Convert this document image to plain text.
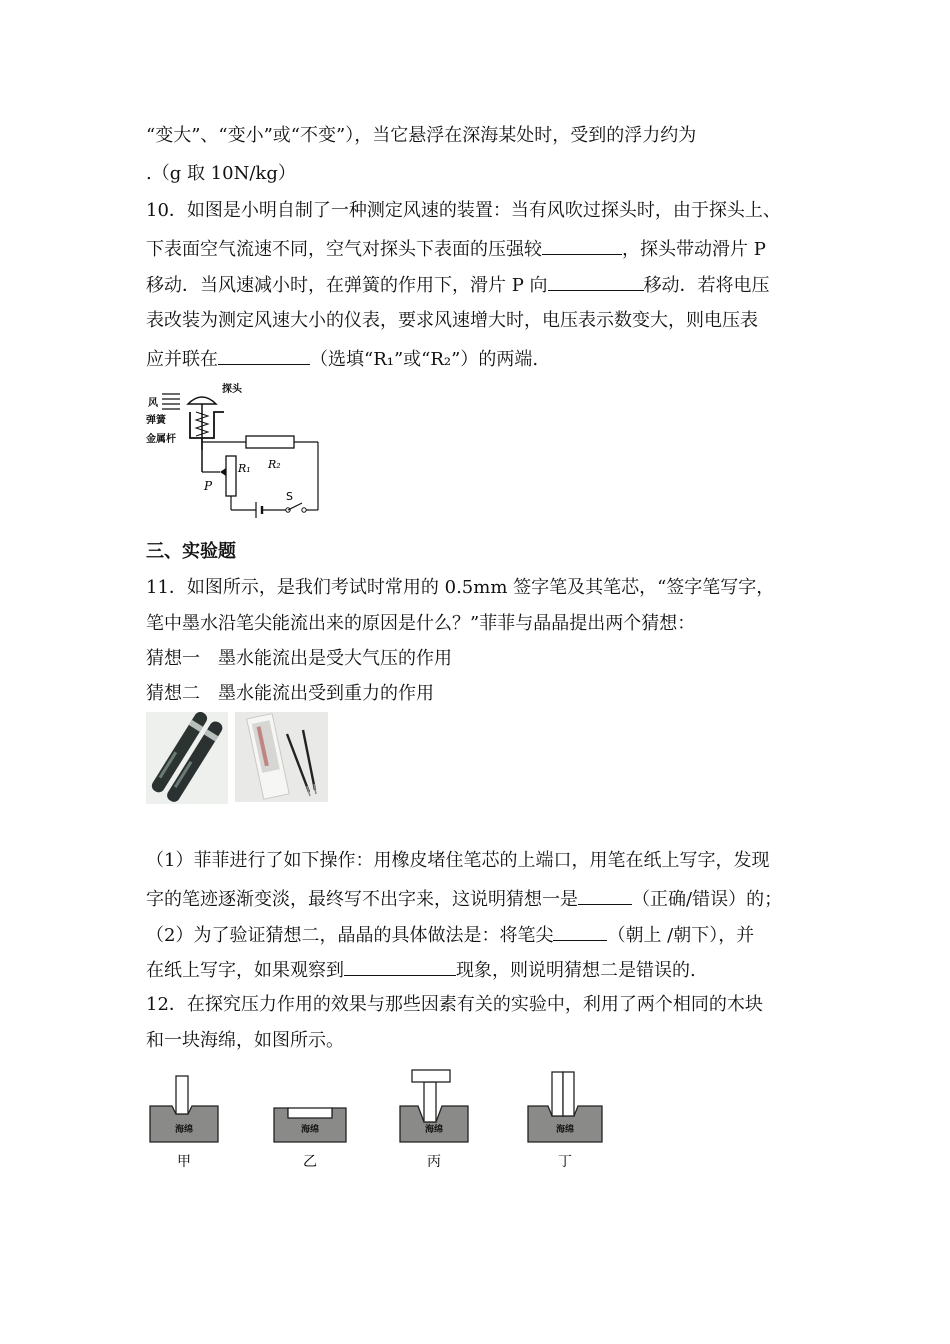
“变大”、“变小”或“不变”），当它悬浮在深海某处时，受到的浮力约为
.（g 取 10N/kg）
10．如图是小明自制了一种测定风速的装置：当有风吹过探头时，由于探头上、
下表面空气流速不同，空气对探头下表面的压强较	，探头带动滑片 P
移动．当风速减小时，在弹簧的作用下，滑片 P 向	移动．若将电压
表改装为测定风速大小的仪表，要求风速增大时，电压表示数变大，则电压表
应并联在	（选填“R₁”或“R₂”）的两端.
风
探头
弹簧
金属杆
R₂
P
R₁
S
三、实验题
11．如图所示，是我们考试时常用的 0.5mm 签字笔及其笔芯，“签字笔写字，
笔中墨水沿笔尖能流出来的原因是什么？”菲菲与晶晶提出两个猜想：
猜想一　墨水能流出是受大气压的作用
猜想二　墨水能流出受到重力的作用
（1）菲菲进行了如下操作：用橡皮堵住笔芯的上端口，用笔在纸上写字，发现
字的笔迹逐渐变淡，最终写不出字来，这说明猜想一是	（正确/错误）的；
（2）为了验证猜想二，晶晶的具体做法是：将笔尖	（朝上 /朝下），并
在纸上写字，如果观察到	现象，则说明猜想二是错误的.
12．在探究压力作用的效果与那些因素有关的实验中，利用了两个相同的木块
和一块海绵，如图所示。
海绵
甲
海绵
乙
海绵
丙
海绵
丁
